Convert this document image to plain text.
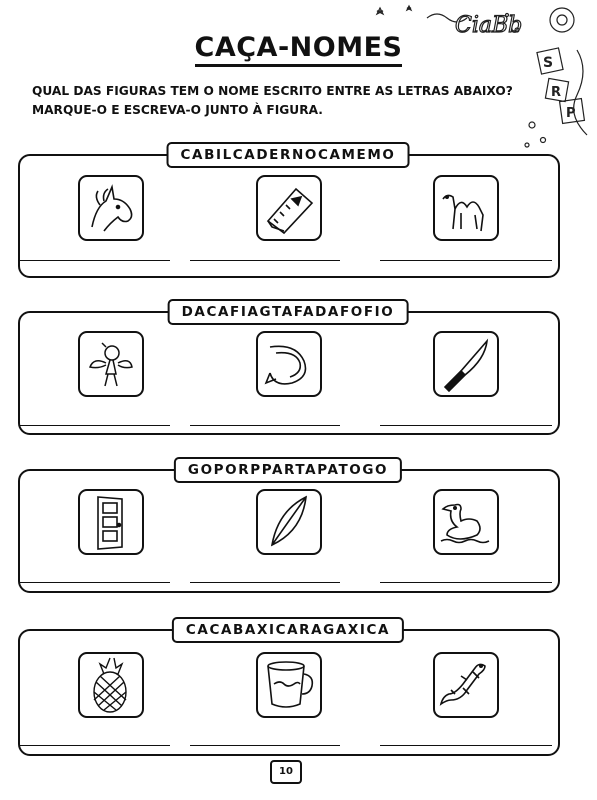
CiaBb
S
R
P
CAÇA-NOMES
QUAL DAS FIGURAS TEM O NOME ESCRITO ENTRE AS LETRAS ABAIXO?
MARQUE-O E ESCREVA-O JUNTO À FIGURA.
CABILCADERNOCAMEMO
DACAFIAGTAFADAFOFIO
GOPORPPARTAPATOGO
CACABAXICARAGAXICA
10
